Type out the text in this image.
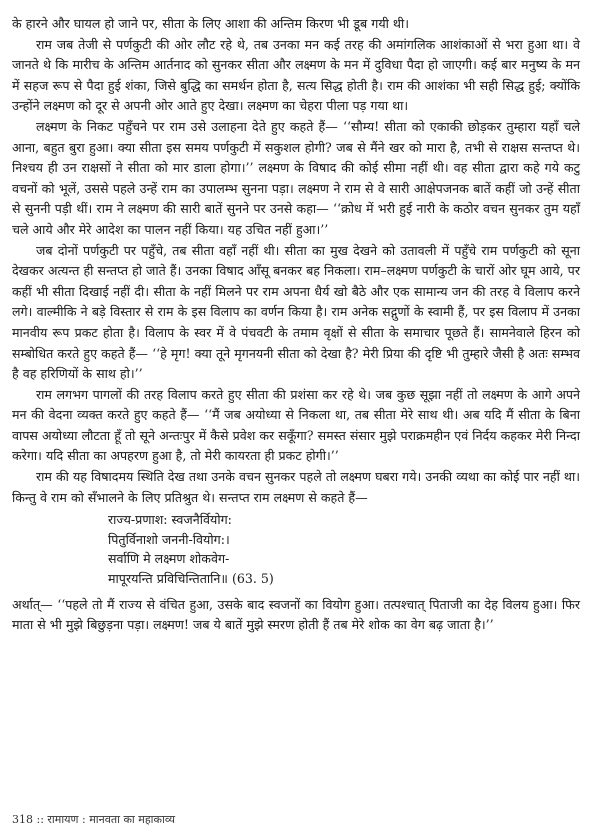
के हारने और घायल हो जाने पर, सीता के लिए आशा की अन्तिम किरण भी डूब गयी थी।

राम जब तेजी से पर्णकुटी की ओर लौट रहे थे, तब उनका मन कई तरह की अमांगलिक आशंकाओं से भरा हुआ था। वे जानते थे कि मारीच के अन्तिम आर्तनाद को सुनकर सीता और लक्ष्मण के मन में दुविधा पैदा हो जाएगी। कई बार मनुष्य के मन में सहज रूप से पैदा हुई शंका, जिसे बुद्धि का समर्थन होता है, सत्य सिद्ध होती है। राम की आशंका भी सही सिद्ध हुई; क्योंकि उन्होंने लक्ष्मण को दूर से अपनी ओर आते हुए देखा। लक्ष्मण का चेहरा पीला पड़ गया था।

लक्ष्मण के निकट पहुँचने पर राम उसे उलाहना देते हुए कहते हैं— ‘‘सौम्य! सीता को एकाकी छोड़कर तुम्हारा यहाँ चले आना, बहुत बुरा हुआ। क्या सीता इस समय पर्णकुटी में सकुशल होगी? जब से मैंने खर को मारा है, तभी से राक्षस सन्तप्त थे। निश्चय ही उन राक्षसों ने सीता को मार डाला होगा।’’ लक्ष्मण के विषाद की कोई सीमा नहीं थी। वह सीता द्वारा कहे गये कटु वचनों को भूलें, उससे पहले उन्हें राम का उपालम्भ सुनना पड़ा। लक्ष्मण ने राम से वे सारी आक्षेपजनक बातें कहीं जो उन्हें सीता से सुननी पड़ी थीं। राम ने लक्ष्मण की सारी बातें सुनने पर उनसे कहा— ‘‘क्रोध में भरी हुई नारी के कठोर वचन सुनकर तुम यहाँ चले आये और मेरे आदेश का पालन नहीं किया। यह उचित नहीं हुआ।’’

जब दोनों पर्णकुटी पर पहुँचे, तब सीता वहाँ नहीं थी। सीता का मुख देखने को उतावली में पहुँचे राम पर्णकुटी को सूना देखकर अत्यन्त ही सन्तप्त हो जाते हैं। उनका विषाद आँसू बनकर बह निकला। राम–लक्ष्मण पर्णकुटी के चारों ओर घूम आये, पर कहीं भी सीता दिखाई नहीं दी। सीता के नहीं मिलने पर राम अपना धैर्य खो बैठे और एक सामान्य जन की तरह वे विलाप करने लगे। वाल्मीकि ने बड़े विस्तार से राम के इस विलाप का वर्णन किया है। राम अनेक सद्गुणों के स्वामी हैं, पर इस विलाप में उनका मानवीय रूप प्रकट होता है। विलाप के स्वर में वे पंचवटी के तमाम वृक्षों से सीता के समाचार पूछते हैं। सामनेवाले हिरन को सम्बोधित करते हुए कहते हैं— ‘‘हे मृग! क्या तूने मृगनयनी सीता को देखा है? मेरी प्रिया की दृष्टि भी तुम्हारे जैसी है अतः सम्भव है वह हरिणियों के साथ हो।’’

राम लगभग पागलों की तरह विलाप करते हुए सीता की प्रशंसा कर रहे थे। जब कुछ सूझा नहीं तो लक्ष्मण के आगे अपने मन की वेदना व्यक्त करते हुए कहते हैं— ‘‘मैं जब अयोध्या से निकला था, तब सीता मेरे साथ थी। अब यदि मैं सीता के बिना वापस अयोध्या लौटता हूँ तो सूने अन्तःपुर में कैसे प्रवेश कर सकूँगा? समस्त संसार मुझे पराक्रमहीन एवं निर्दय कहकर मेरी निन्दा करेगा। यदि सीता का अपहरण हुआ है, तो मेरी कायरता ही प्रकट होगी।’’

राम की यह विषादमय स्थिति देख तथा उनके वचन सुनकर पहले तो लक्ष्मण घबरा गये। उनकी व्यथा का कोई पार नहीं था। किन्तु वे राम को सँभालने के लिए प्रतिश्रुत थे। सन्तप्त राम लक्ष्मण से कहते हैं—

राज्य-प्रणाश: स्वजनैर्वियोग:
पितुर्विनाशो जननी-वियोग:।
सर्वाणि मे लक्ष्मण शोकवेग-
मापूरयन्ति प्रविचिन्तितानि॥ (63. 5)

अर्थात्— ‘‘पहले तो मैं राज्य से वंचित हुआ, उसके बाद स्वजनों का वियोग हुआ। तत्पश्चात् पिताजी का देह विलय हुआ। फिर माता से भी मुझे बिछुड़ना पड़ा। लक्ष्मण! जब ये बातें मुझे स्मरण होती हैं तब मेरे शोक का वेग बढ़ जाता है।’’

318 :: रामायण : मानवता का महाकाव्य
